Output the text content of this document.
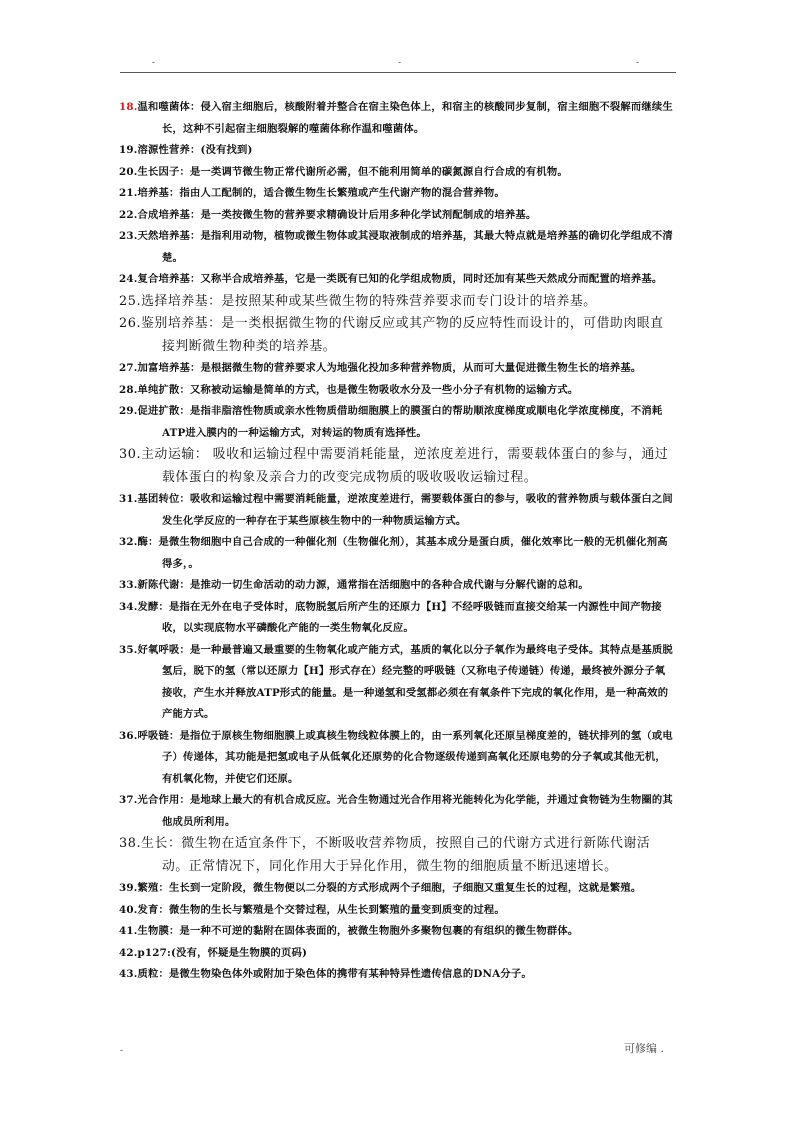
-	-	-
18.温和噬菌体：侵入宿主细胞后，核酸附着并整合在宿主染色体上，和宿主的核酸同步复制，宿主细胞不裂解而继续生长，这种不引起宿主细胞裂解的噬菌体称作温和噬菌体。
19.溶源性营养：(没有找到)
20.生长因子：是一类调节微生物正常代谢所必需，但不能利用简单的碳氮源自行合成的有机物。
21.培养基：指由人工配制的，适合微生物生长繁殖或产生代谢产物的混合营养物。
22.合成培养基：是一类按微生物的营养要求精确设计后用多种化学试剂配制成的培养基。
23.天然培养基：是指利用动物，植物或微生物体或其浸取液制成的培养基，其最大特点就是培养基的确切化学组成不清楚。
24.复合培养基：又称半合成培养基，它是一类既有已知的化学组成物质，同时还加有某些天然成分而配置的培养基。
25.选择培养基：是按照某种或某些微生物的特殊营养要求而专门设计的培养基。
26.鉴别培养基：是一类根据微生物的代谢反应或其产物的反应特性而设计的，可借助肉眼直接判断微生物种类的培养基。
27.加富培养基：是根据微生物的营养要求人为地强化投加多种营养物质，从而可大量促进微生物生长的培养基。
28.单纯扩散：又称被动运输是简单的方式，也是微生物吸收水分及一些小分子有机物的运输方式。
29.促进扩散：是指非脂溶性物质或亲水性物质借助细胞膜上的膜蛋白的帮助顺浓度梯度或顺电化学浓度梯度，不消耗ATP进入膜内的一种运输方式，对转运的物质有选择性。
30.主动运输： 吸收和运输过程中需要消耗能量，逆浓度差进行，需要载体蛋白的参与，通过载体蛋白的构象及亲合力的改变完成物质的吸收吸收运输过程。
31.基团转位：吸收和运输过程中需要消耗能量，逆浓度差进行，需要载体蛋白的参与，吸收的营养物质与载体蛋白之间发生化学反应的一种存在于某些原核生物中的一种物质运输方式。
32.酶：是微生物细胞中自己合成的一种催化剂（生物催化剂），其基本成分是蛋白质，催化效率比一般的无机催化剂高得多，。
33.新陈代谢：是推动一切生命活动的动力源，通常指在活细胞中的各种合成代谢与分解代谢的总和。
34.发酵：是指在无外在电子受体时，底物脱氢后所产生的还原力【H】不经呼吸链而直接交给某一内源性中间产物接收，以实现底物水平磷酸化产能的一类生物氧化反应。
35.好氧呼吸：是一种最普遍又最重要的生物氧化或产能方式，基质的氧化以分子氧作为最终电子受体。其特点是基质脱氢后，脱下的氢（常以还原力【H】形式存在）经完整的呼吸链（又称电子传递链）传递，最终被外源分子氧接收，产生水并释放ATP形式的能量。是一种递氢和受氢都必须在有氧条件下完成的氧化作用，是一种高效的产能方式。
36.呼吸链：是指位于原核生物细胞膜上或真核生物线粒体膜上的，由一系列氧化还原呈梯度差的，链状排列的氢（或电子）传递体，其功能是把氢或电子从低氧化还原势的化合物逐级传递到高氧化还原电势的分子氧或其他无机，有机氧化物，并使它们还原。
37.光合作用：是地球上最大的有机合成反应。光合生物通过光合作用将光能转化为化学能，并通过食物链为生物圈的其他成员所利用。
38.生长：微生物在适宜条件下，不断吸收营养物质，按照自己的代谢方式进行新陈代谢活动。正常情况下，同化作用大于异化作用，微生物的细胞质量不断迅速增长。
39.繁殖：生长到一定阶段，微生物便以二分裂的方式形成两个子细胞，子细胞又重复生长的过程，这就是繁殖。
40.发育：微生物的生长与繁殖是个交替过程，从生长到繁殖的量变到质变的过程。
41.生物膜：是一种不可逆的黏附在固体表面的，被微生物胞外多聚物包裹的有组织的微生物群体。
42.p127:(没有，怀疑是生物膜的页码)
43.质粒：是微生物染色体外或附加于染色体的携带有某种特异性遗传信息的DNA分子。
-	可修编 .
